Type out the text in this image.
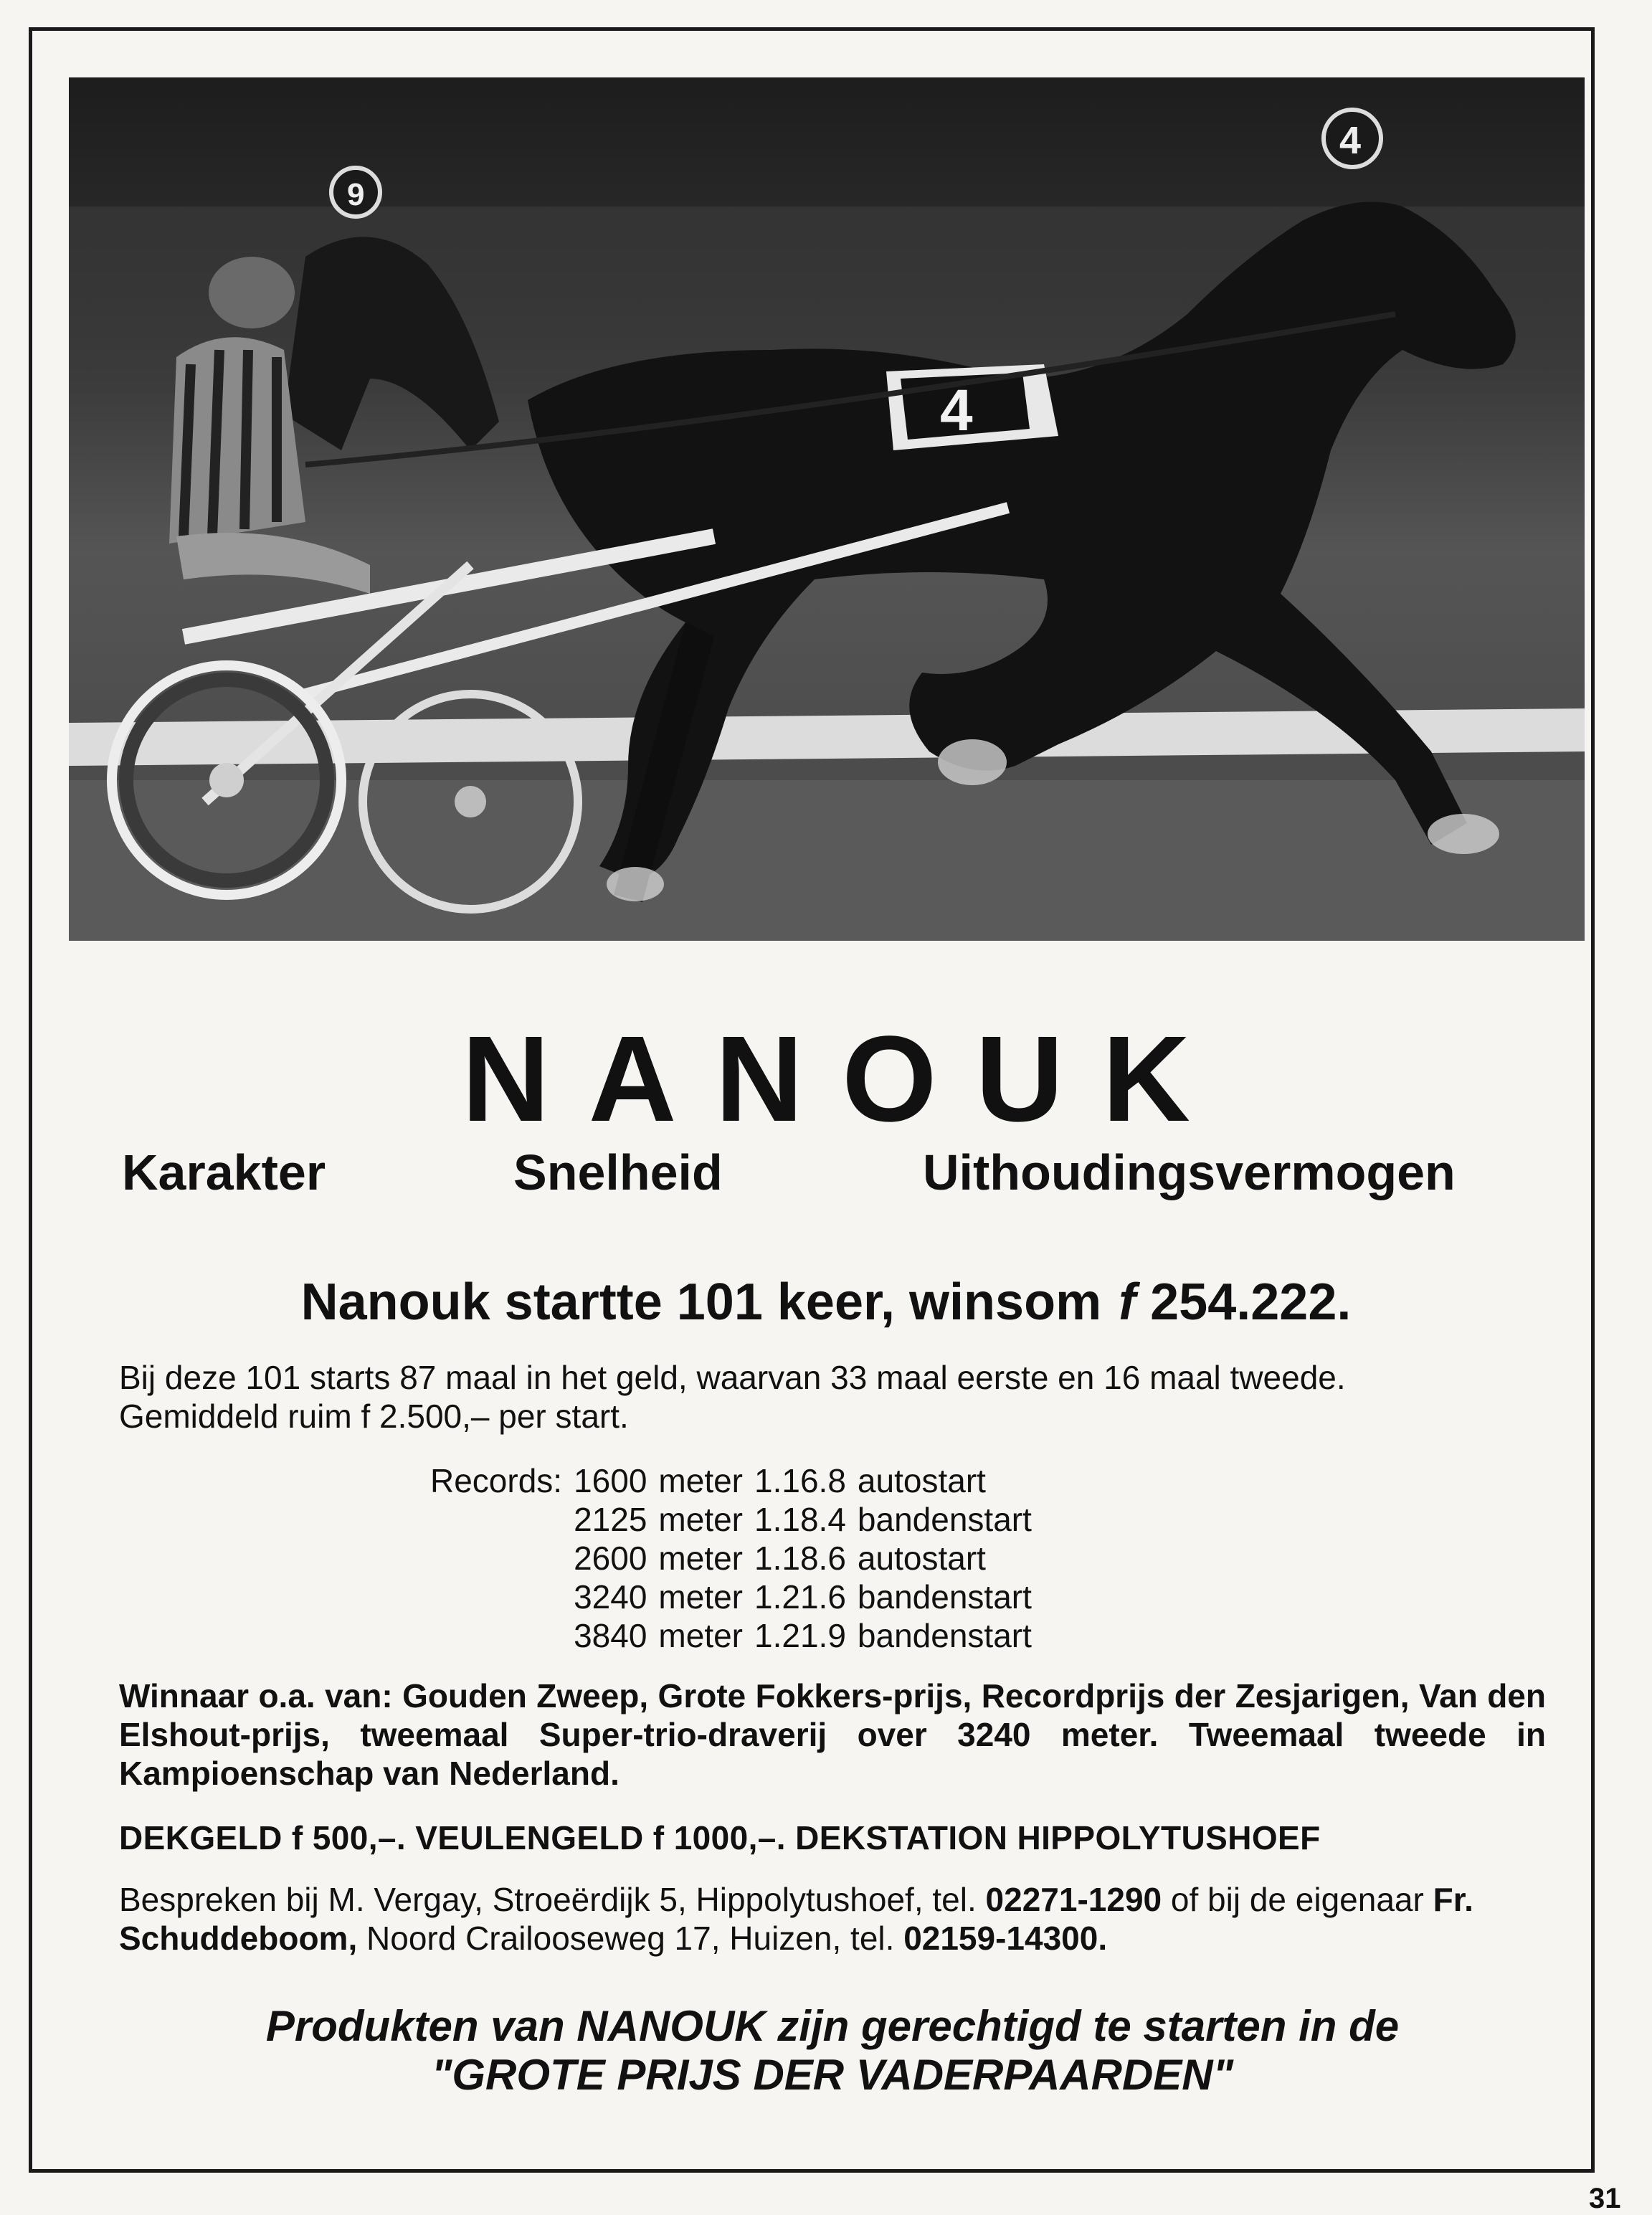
9
4
4
NANOUK
Karakter	Snelheid	Uithoudingsvermogen
Nanouk startte 101 keer, winsom f 254.222.
Bij deze 101 starts 87 maal in het geld, waarvan 33 maal eerste en 16 maal tweede.
Gemiddeld ruim f 2.500,– per start.
Records:	1600	meter	1.16.8	autostart
	2125	meter	1.18.4	bandenstart
	2600	meter	1.18.6	autostart
	3240	meter	1.21.6	bandenstart
	3840	meter	1.21.9	bandenstart
Winnaar o.a. van: Gouden Zweep, Grote Fokkers-prijs, Recordprijs der Zesjarigen, Van den Elshout-prijs, tweemaal Super-trio-draverij over 3240 meter. Tweemaal tweede in Kampioenschap van Nederland.
DEKGELD f 500,–. VEULENGELD f 1000,–. DEKSTATION HIPPOLYTUSHOEF
Bespreken bij M. Vergay, Stroeërdijk 5, Hippolytushoef, tel. 02271-1290 of bij de eigenaar Fr. Schuddeboom, Noord Crailooseweg 17, Huizen, tel. 02159-14300.
Produkten van NANOUK zijn gerechtigd te starten in de
"GROTE PRIJS DER VADERPAARDEN"
31
